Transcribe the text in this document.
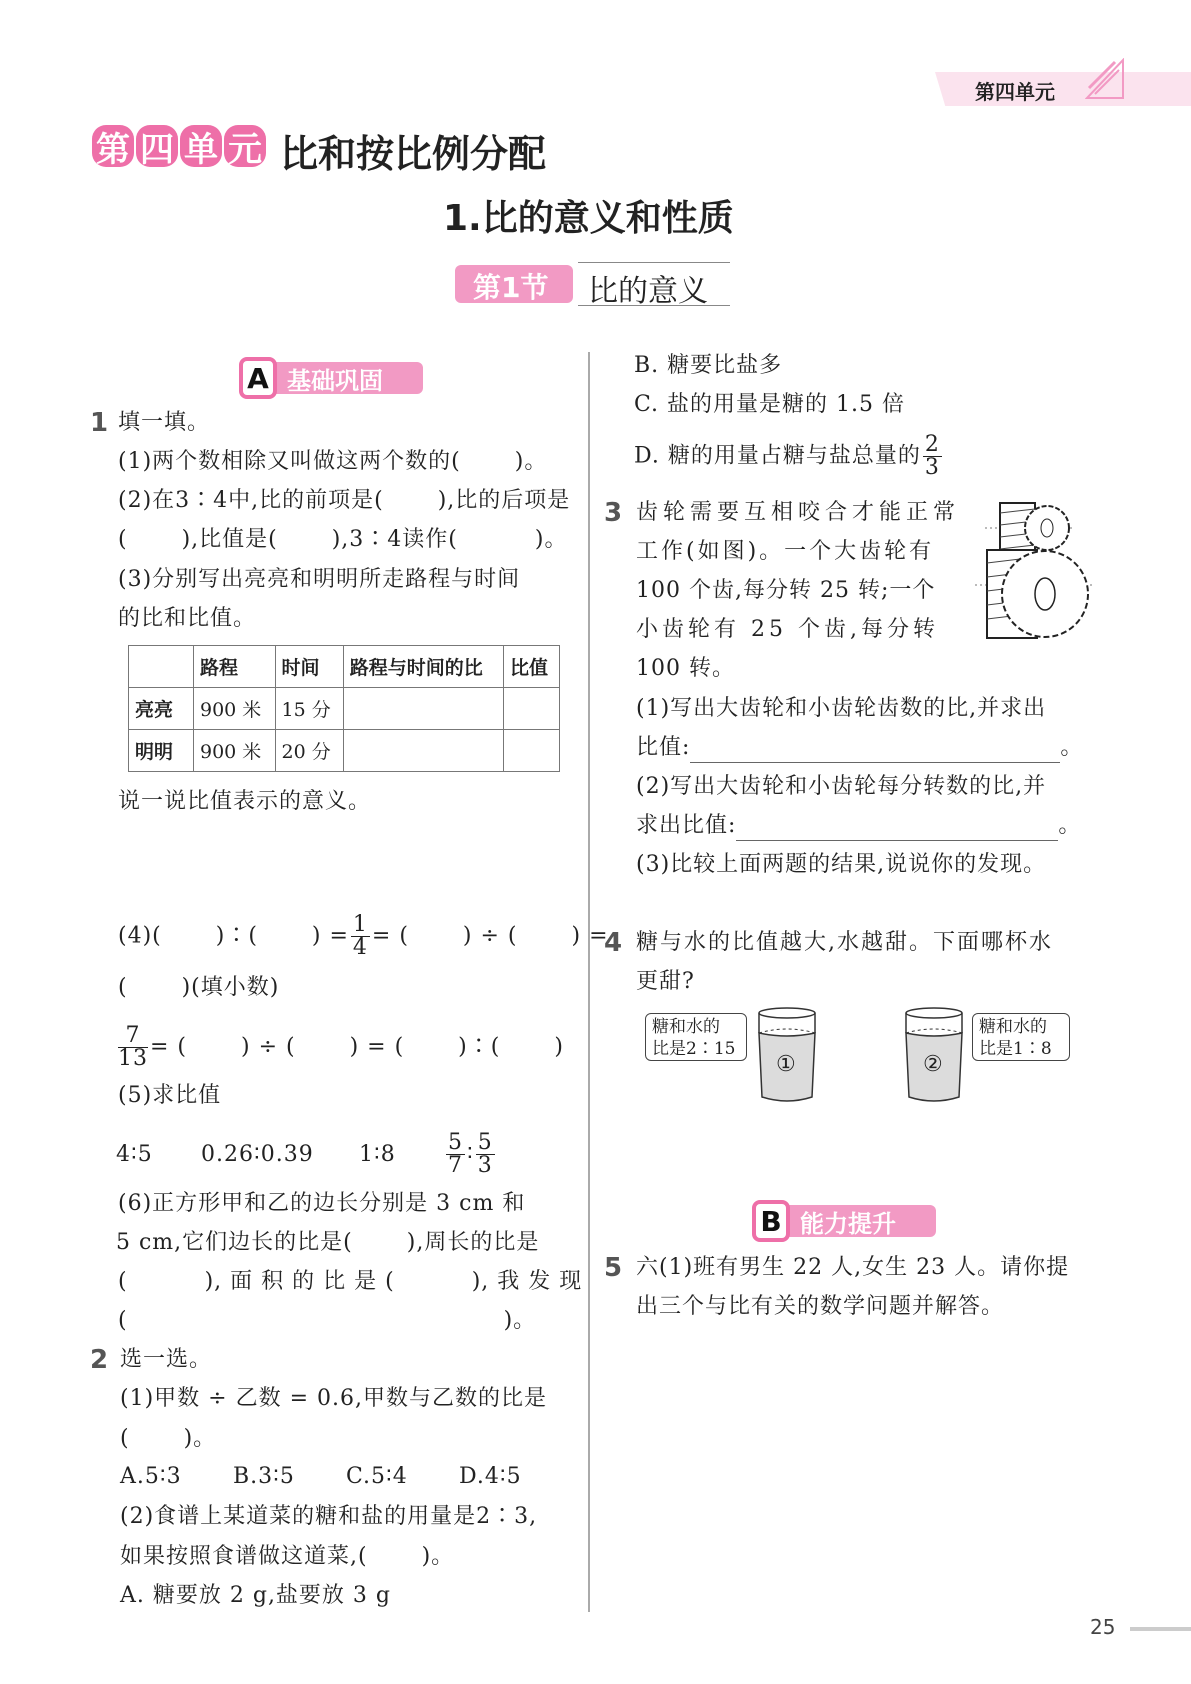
第四单元
第 四 单 元 比和按比例分配
1.比的意义和性质
第1节 比的意义
A 基础巩固
1 填一填。
(1)两个数相除又叫做这两个数的(　　 )。
(2)在3∶4中,比的前项是(　　 ),比的后项是
(　　 ),比值是(　　 ),3∶4读作(　　　 )。
(3)分别写出亮亮和明明所走路程与时间
的比和比值。
	路程	时间	路程与时间的比	比值
亮亮	900 米	15 分		
明明	900 米	20 分		
说一说比值表示的意义。
(4)(　　 )∶(　　 ) = $\frac{1}{4}$ = (　　 ) ÷ (　　 ) =
(　　 )(填小数)
$\frac{7}{13}$ = (　　 ) ÷ (　　 ) = (　　 )∶(　　 )
(5)求比值
4∶5 0.26∶0.39 1∶8 $\frac{5}{7}$ ∶ $\frac{5}{3}$
(6)正方形甲和乙的边长分别是 3 cm 和
5 cm,它们边长的比是(　　 ),周长的比是
(　　　 ), 面 积 的 比 是 (　　　 ), 我 发 现
(　　　　　　　　　　　　　　　　 )。
2 选一选。
(1)甲数 ÷ 乙数 = 0.6,甲数与乙数的比是
(　　 )。
A.5∶3 B.3∶5 C.5∶4 D.4∶5
(2)食谱上某道菜的糖和盐的用量是2∶3,
如果按照食谱做这道菜,(　　 )。
A. 糖要放 2 g,盐要放 3 g
B. 糖要比盐多
C. 盐的用量是糖的 1.5 倍
D. 糖的用量占糖与盐总量的 $\frac{2}{3}$
3 齿轮需要互相咬合才能正常
工作(如图)。一个大齿轮有
100 个齿,每分转 25 转;一个
小齿轮有 25 个齿,每分转
100 转。
(1)写出大齿轮和小齿轮齿数的比,并求出
比值:	。
(2)写出大齿轮和小齿轮每分转数的比,并
求出比值:	。
(3)比较上面两题的结果,说说你的发现。
4 糖与水的比值越大,水越甜。下面哪杯水
更甜?
糖和水的
比是2∶15
①	②
糖和水的
比是1∶8
B 能力提升
5 六(1)班有男生 22 人,女生 23 人。请你提
出三个与比有关的数学问题并解答。
25
